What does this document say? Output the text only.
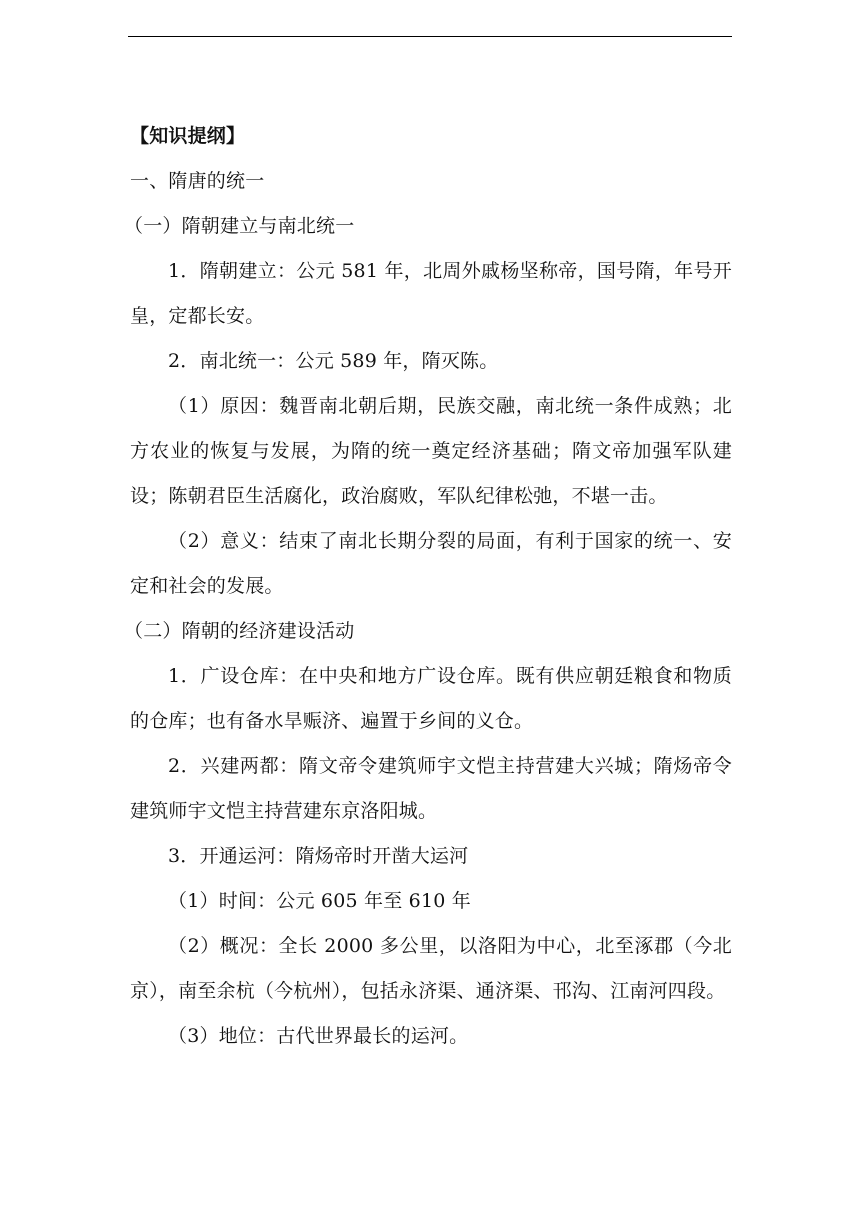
【知识提纲】

一、隋唐的统一

（一）隋朝建立与南北统一

1．隋朝建立：公元 581 年，北周外戚杨坚称帝，国号隋，年号开皇，定都长安。

2．南北统一：公元 589 年，隋灭陈。

（1）原因：魏晋南北朝后期，民族交融，南北统一条件成熟；北方农业的恢复与发展，为隋的统一奠定经济基础；隋文帝加强军队建设；陈朝君臣生活腐化，政治腐败，军队纪律松弛，不堪一击。

（2）意义：结束了南北长期分裂的局面，有利于国家的统一、安定和社会的发展。

（二）隋朝的经济建设活动

1．广设仓库：在中央和地方广设仓库。既有供应朝廷粮食和物质的仓库；也有备水旱赈济、遍置于乡间的义仓。

2．兴建两都：隋文帝令建筑师宇文恺主持营建大兴城；隋炀帝令建筑师宇文恺主持营建东京洛阳城。

3．开通运河：隋炀帝时开凿大运河

（1）时间：公元 605 年至 610 年

（2）概况：全长 2000 多公里，以洛阳为中心，北至涿郡（今北京），南至余杭（今杭州），包括永济渠、通济渠、邗沟、江南河四段。

（3）地位：古代世界最长的运河。
